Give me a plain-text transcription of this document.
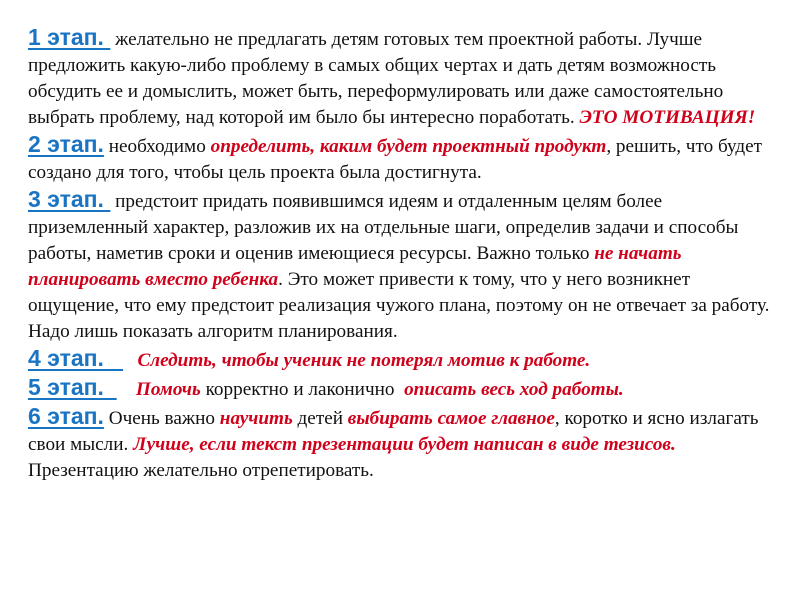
1 этап.  желательно не предлагать детям готовых тем проектной работы. Лучше предложить какую-либо проблему в самых общих чертах и дать детям возможность обсудить ее и домыслить, может быть, переформулировать или даже самостоятельно выбрать проблему, над которой им было бы интересно поработать. ЭТО МОТИВАЦИЯ!
2 этап. необходимо определить, каким будет проектный продукт, решить, что будет создано для того, чтобы цель проекта была достигнута.
3 этап.  предстоит придать появившимся идеям и отдаленным целям более приземленный характер, разложив их на отдельные шаги, определив задачи и способы работы, наметив сроки и оценив имеющиеся ресурсы. Важно только не начать планировать вместо ребенка. Это может привести к тому, что у него возникнет ощущение, что ему предстоит реализация чужого плана, поэтому он не отвечает за работу. Надо лишь показать алгоритм планирования.
4 этап.      Следить, чтобы ученик не потерял мотив к работе.
5 этап.      Помочь корректно и лаконично  описать весь ход работы.
6 этап. Очень важно научить детей выбирать самое главное, коротко и ясно излагать свои мысли. Лучше, если текст презентации будет написан в виде тезисов. Презентацию желательно отрепетировать.
